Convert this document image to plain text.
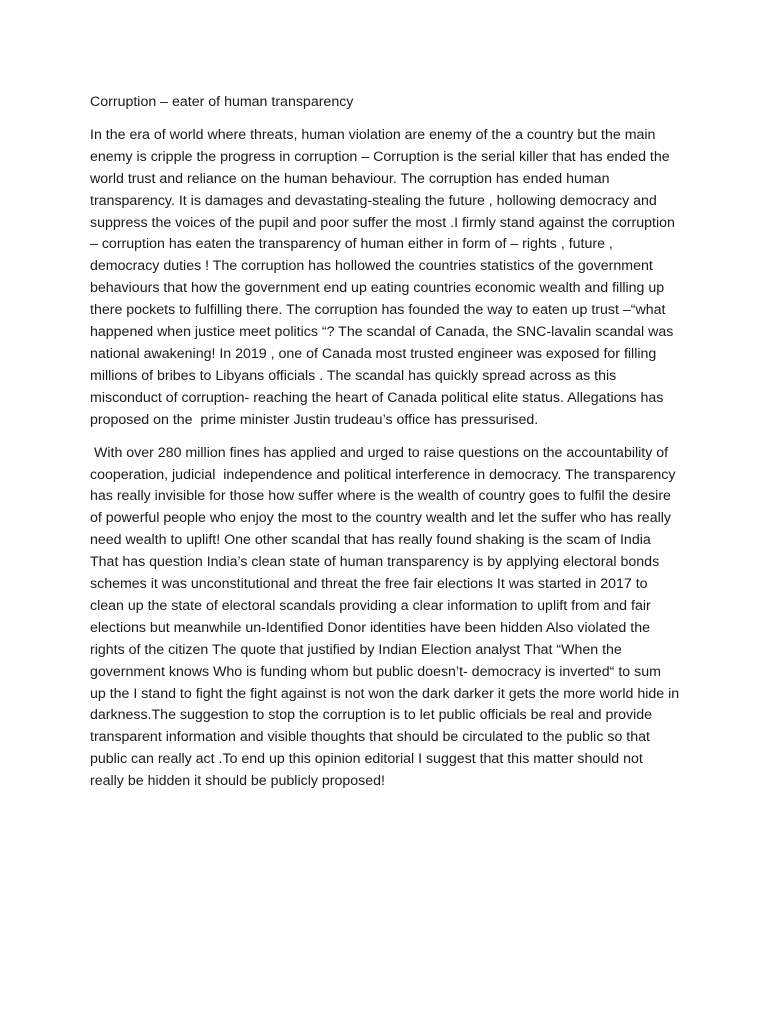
Corruption – eater of human transparency

In the era of world where threats, human violation are enemy of the a country but the main enemy is cripple the progress in corruption – Corruption is the serial killer that has ended the world trust and reliance on the human behaviour. The corruption has ended human transparency. It is damages and devastating-stealing the future , hollowing democracy and suppress the voices of the pupil and poor suffer the most .I firmly stand against the corruption – corruption has eaten the transparency of human either in form of – rights , future , democracy duties ! The corruption has hollowed the countries statistics of the government behaviours that how the government end up eating countries economic wealth and filling up there pockets to fulfilling there. The corruption has founded the way to eaten up trust –“what happened when justice meet politics “? The scandal of Canada, the SNC-lavalin scandal was national awakening! In 2019 , one of Canada most trusted engineer was exposed for filling millions of bribes to Libyans officials . The scandal has quickly spread across as this misconduct of corruption- reaching the heart of Canada political elite status. Allegations has proposed on the  prime minister Justin trudeau’s office has pressurised.

With over 280 million fines has applied and urged to raise questions on the accountability of cooperation, judicial  independence and political interference in democracy. The transparency has really invisible for those how suffer where is the wealth of country goes to fulfil the desire of powerful people who enjoy the most to the country wealth and let the suffer who has really need wealth to uplift! One other scandal that has really found shaking is the scam of India That has question India’s clean state of human transparency is by applying electoral bonds schemes it was unconstitutional and threat the free fair elections It was started in 2017 to clean up the state of electoral scandals providing a clear information to uplift from and fair elections but meanwhile un-Identified Donor identities have been hidden Also violated the rights of the citizen The quote that justified by Indian Election analyst That “When the government knows Who is funding whom but public doesn’t- democracy is inverted“ to sum up the I stand to fight the fight against is not won the dark darker it gets the more world hide in darkness.The suggestion to stop the corruption is to let public officials be real and provide transparent information and visible thoughts that should be circulated to the public so that public can really act .To end up this opinion editorial I suggest that this matter should not really be hidden it should be publicly proposed!
